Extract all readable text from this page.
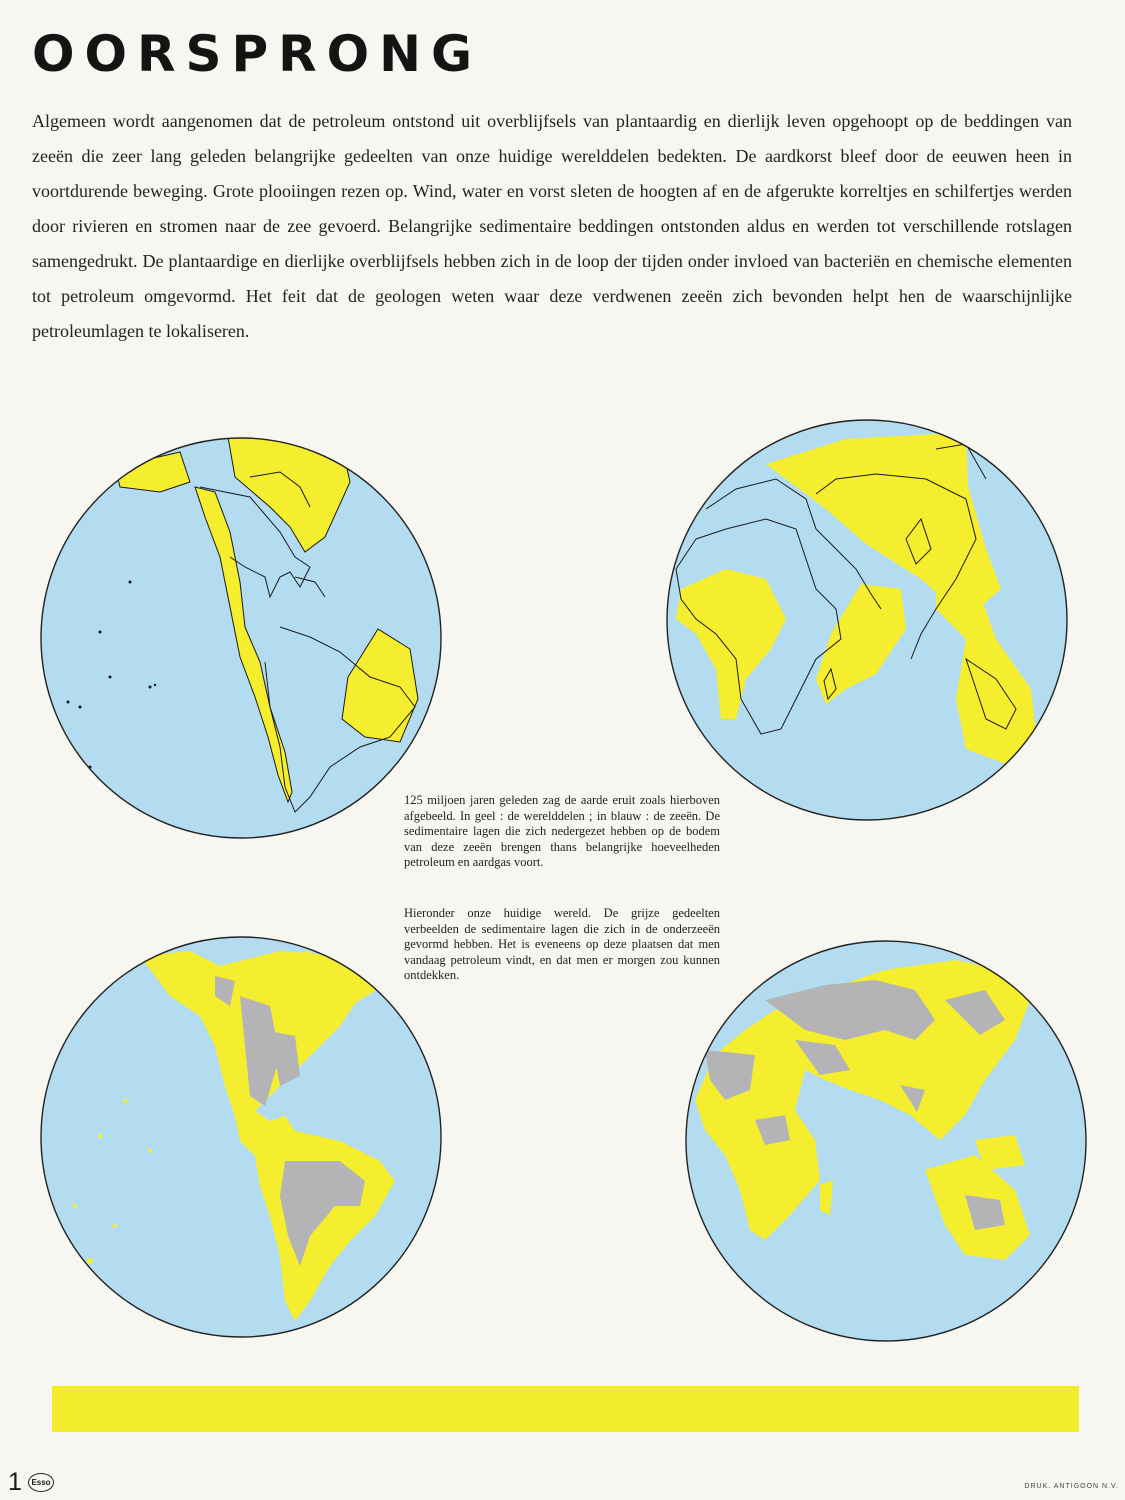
OORSPRONG

Algemeen wordt aangenomen dat de petroleum ontstond uit overblijfsels van plantaardig en dierlijk leven opgehoopt op de beddingen van zeeën die zeer lang geleden belangrijke gedeelten van onze huidige werelddelen bedekten. De aardkorst bleef door de eeuwen heen in voortdurende beweging. Grote plooiingen rezen op. Wind, water en vorst sleten de hoogten af en de afgerukte korreltjes en schilfertjes werden door rivieren en stromen naar de zee gevoerd. Belangrijke sedimentaire beddingen ontstonden aldus en werden tot verschillende rotslagen samengedrukt. De plantaardige en dierlijke overblijfsels hebben zich in de loop der tijden onder invloed van bacteriën en chemische elementen tot petroleum omgevormd. Het feit dat de geologen weten waar deze verdwenen zeeën zich bevonden helpt hen de waarschijnlijke petroleumlagen te lokaliseren.

125 miljoen jaren geleden zag de aarde eruit zoals hierboven afgebeeld. In geel : de werelddelen ; in blauw : de zeeën. De sedimentaire lagen die zich nedergezet hebben op de bodem van deze zeeën brengen thans belangrijke hoeveelheden petroleum en aardgas voort.

Hieronder onze huidige wereld. De grijze gedeelten verbeelden de sedimentaire lagen die zich in de onderzeeën gevormd hebben. Het is eveneens op deze plaatsen dat men vandaag petroleum vindt, en dat men er morgen zou kunnen ontdekken.

1	Esso	DRUK. ANTIGOON N.V.
